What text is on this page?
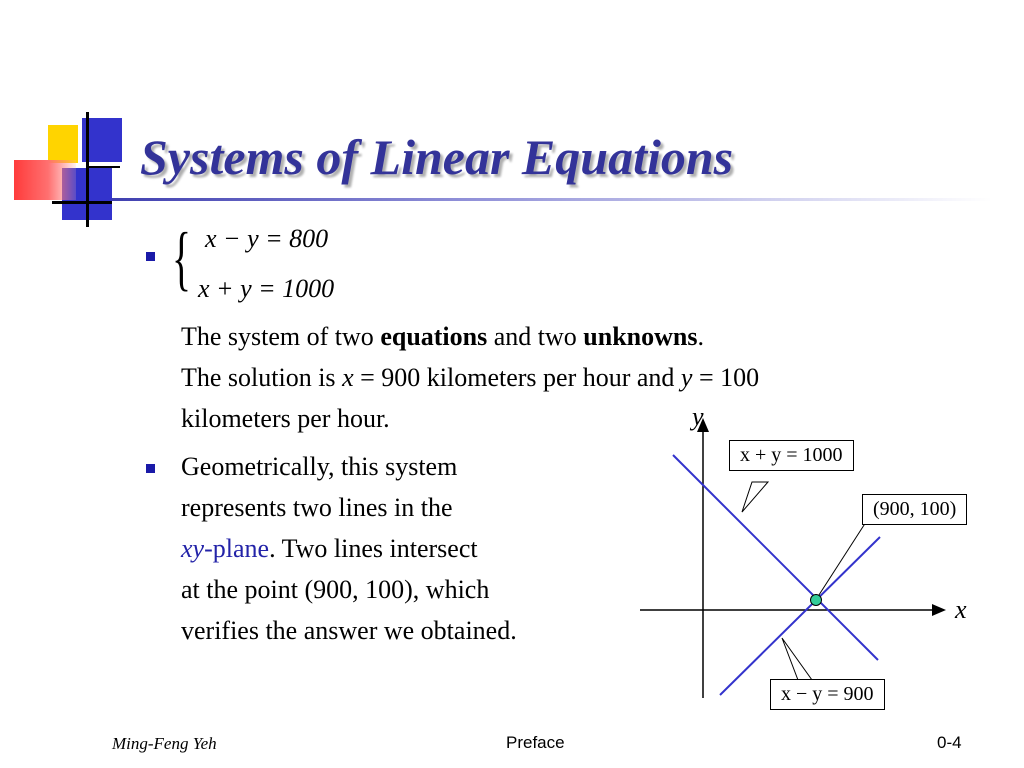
Systems of Linear Equations
{ x − y = 800
x + y = 1000
The system of two equations and two unknowns.
The solution is x = 900 kilometers per hour and y = 100
kilometers per hour.
Geometrically, this system
represents two lines in the
xy-plane. Two lines intersect
at the point (900, 100), which
verifies the answer we obtained.
x
y
x + y = 1000
(900, 100)
x − y = 900
Ming-Feng Yeh	Preface	0-4
